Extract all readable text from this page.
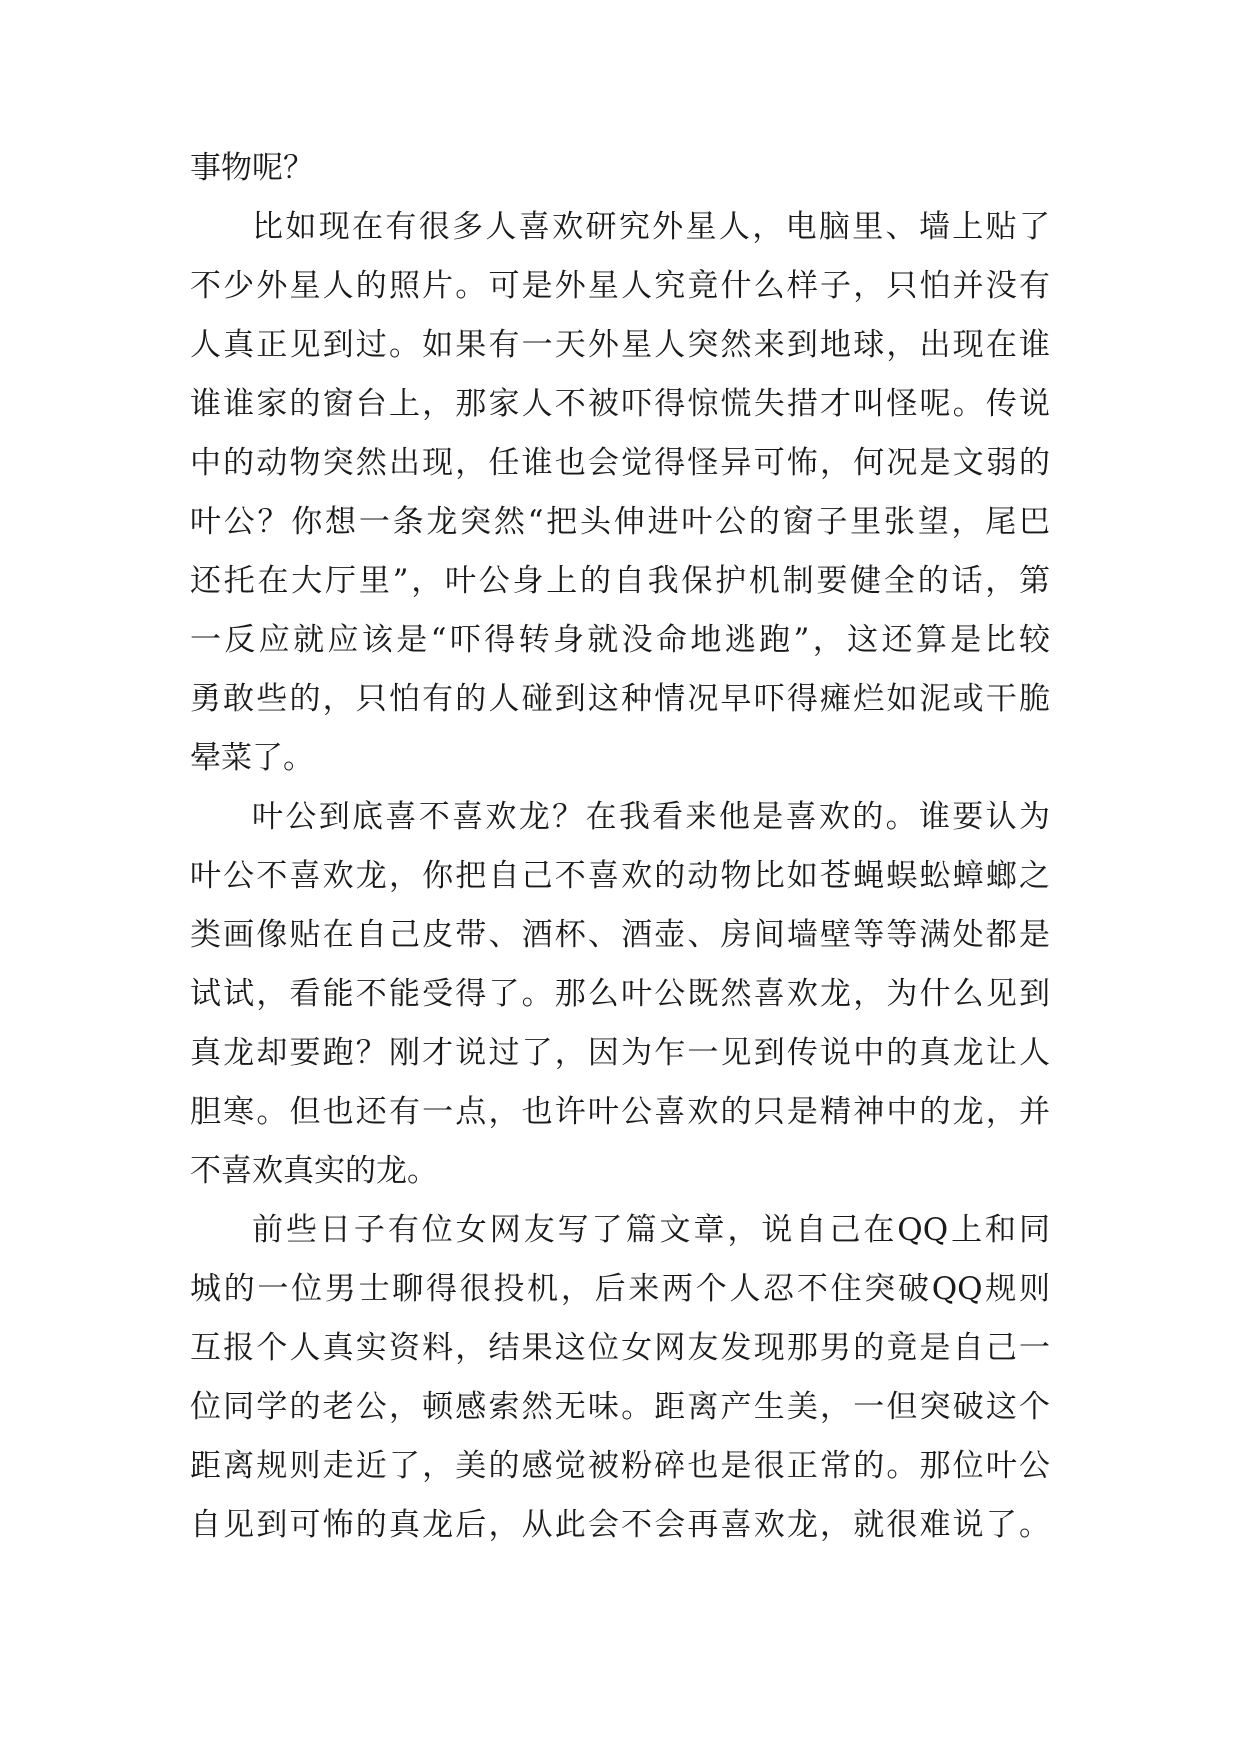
事物呢？
比如现在有很多人喜欢研究外星人，电脑里、墙上贴了
不少外星人的照片。可是外星人究竟什么样子，只怕并没有
人真正见到过。如果有一天外星人突然来到地球，出现在谁
谁谁家的窗台上，那家人不被吓得惊慌失措才叫怪呢。传说
中的动物突然出现，任谁也会觉得怪异可怖，何况是文弱的
叶公？你想一条龙突然“把头伸进叶公的窗子里张望，尾巴
还托在大厅里”，叶公身上的自我保护机制要健全的话，第
一反应就应该是“吓得转身就没命地逃跑”，这还算是比较
勇敢些的，只怕有的人碰到这种情况早吓得瘫烂如泥或干脆
晕菜了。
叶公到底喜不喜欢龙？在我看来他是喜欢的。谁要认为
叶公不喜欢龙，你把自己不喜欢的动物比如苍蝇蜈蚣蟑螂之
类画像贴在自己皮带、酒杯、酒壶、房间墙壁等等满处都是
试试，看能不能受得了。那么叶公既然喜欢龙，为什么见到
真龙却要跑？刚才说过了，因为乍一见到传说中的真龙让人
胆寒。但也还有一点，也许叶公喜欢的只是精神中的龙，并
不喜欢真实的龙。
前些日子有位女网友写了篇文章，说自己在QQ上和同
城的一位男士聊得很投机，后来两个人忍不住突破QQ规则
互报个人真实资料，结果这位女网友发现那男的竟是自己一
位同学的老公，顿感索然无味。距离产生美，一但突破这个
距离规则走近了，美的感觉被粉碎也是很正常的。那位叶公
自见到可怖的真龙后，从此会不会再喜欢龙，就很难说了。
